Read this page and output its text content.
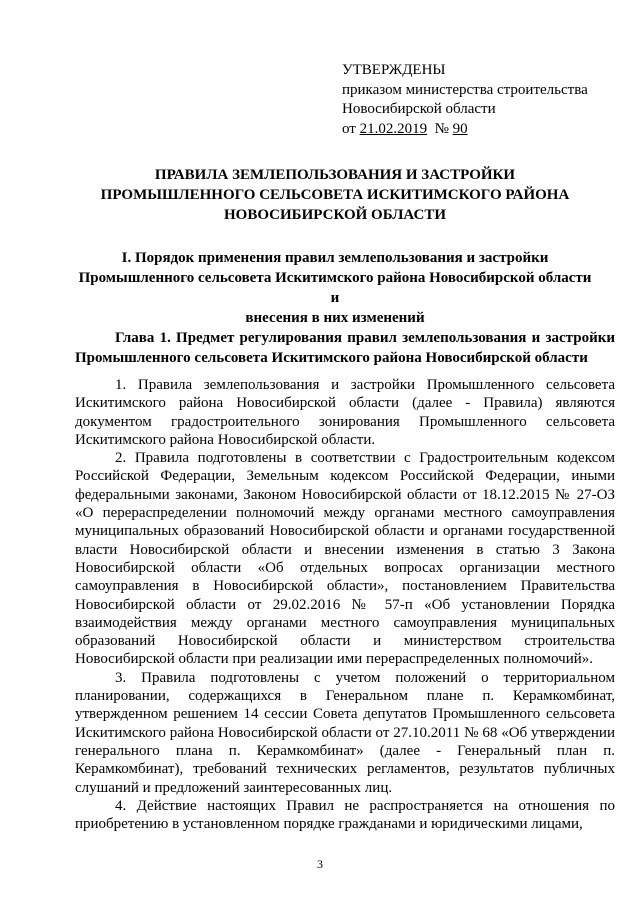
УТВЕРЖДЕНЫ
приказом министерства строительства
Новосибирской области
от 21.02.2019 № 90
ПРАВИЛА ЗЕМЛЕПОЛЬЗОВАНИЯ И ЗАСТРОЙКИ
ПРОМЫШЛЕННОГО СЕЛЬСОВЕТА ИСКИТИМСКОГО РАЙОНА
НОВОСИБИРСКОЙ ОБЛАСТИ
I. Порядок применения правил землепользования и застройки
Промышленного сельсовета Искитимского района Новосибирской области и
внесения в них изменений
Глава 1. Предмет регулирования правил землепользования и застройки Промышленного сельсовета Искитимского района Новосибирской области

1. Правила землепользования и застройки Промышленного сельсовета Искитимского района Новосибирской области (далее - Правила) являются документом градостроительного зонирования Промышленного сельсовета Искитимского района Новосибирской области.

2. Правила подготовлены в соответствии с Градостроительным кодексом Российской Федерации, Земельным кодексом Российской Федерации, иными федеральными законами, Законом Новосибирской области от 18.12.2015 № 27-ОЗ «О перераспределении полномочий между органами местного самоуправления муниципальных образований Новосибирской области и органами государственной власти Новосибирской области и внесении изменения в статью 3 Закона Новосибирской области «Об отдельных вопросах организации местного самоуправления в Новосибирской области», постановлением Правительства Новосибирской области от 29.02.2016 № 57-п «Об установлении Порядка взаимодействия между органами местного самоуправления муниципальных образований Новосибирской области и министерством строительства Новосибирской области при реализации ими перераспределенных полномочий».

3. Правила подготовлены с учетом положений о территориальном планировании, содержащихся в Генеральном плане п. Керамкомбинат, утвержденном решением 14 сессии Совета депутатов Промышленного сельсовета Искитимского района Новосибирской области от 27.10.2011 № 68 «Об утверждении генерального плана п. Керамкомбинат» (далее - Генеральный план п. Керамкомбинат), требований технических регламентов, результатов публичных слушаний и предложений заинтересованных лиц.

4. Действие настоящих Правил не распространяется на отношения по приобретению в установленном порядке гражданами и юридическими лицами,

3
